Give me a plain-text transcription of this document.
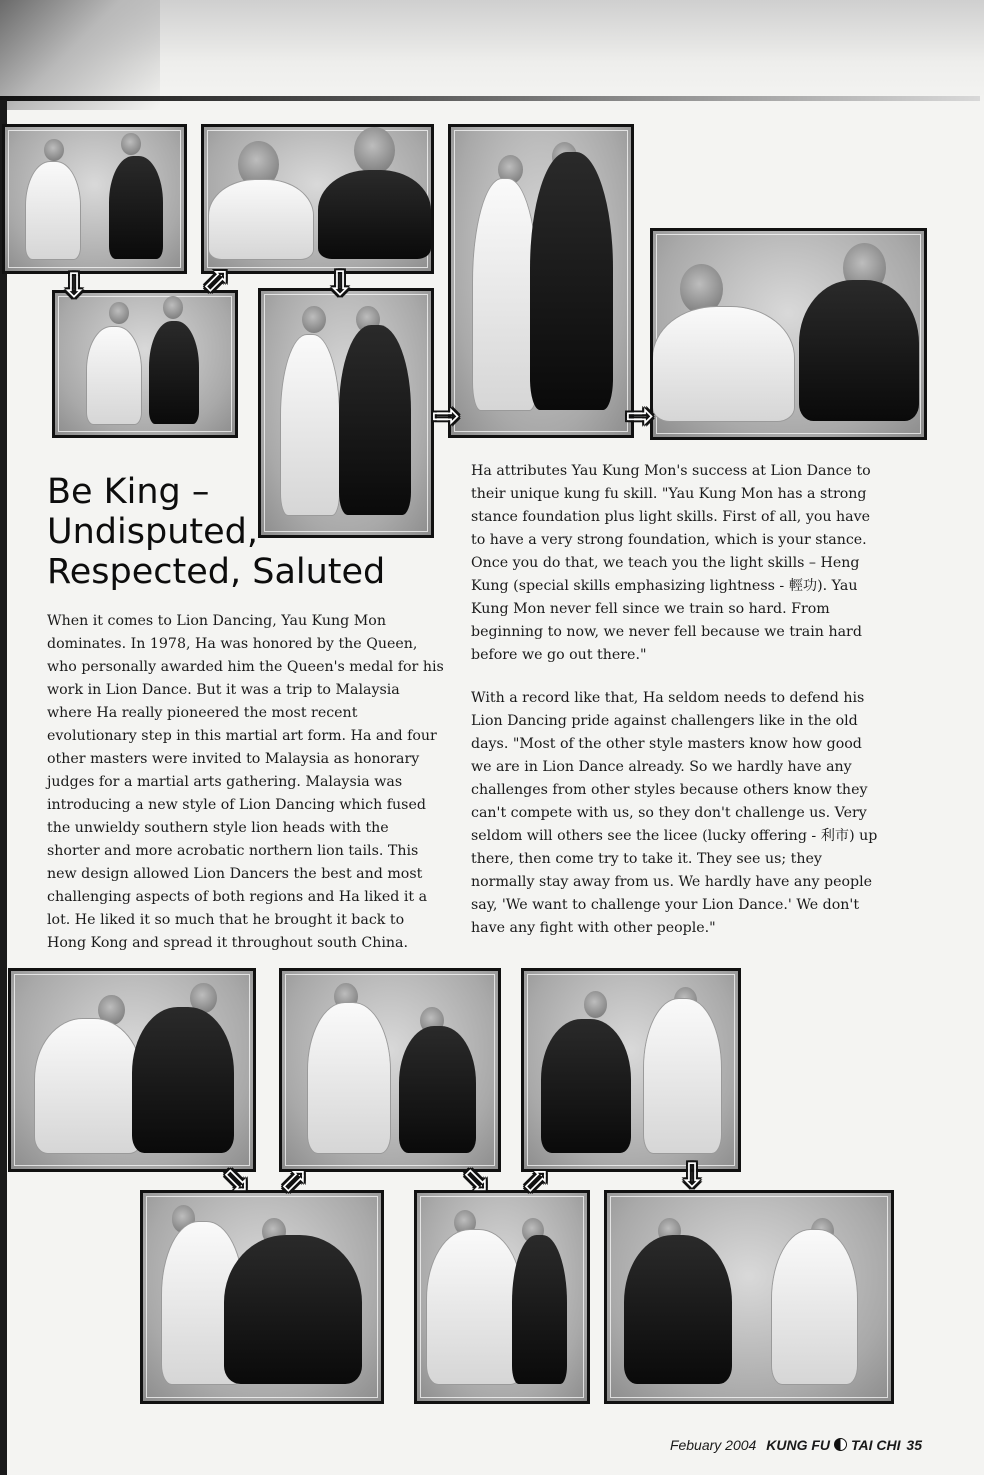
⇩	⬀	⇩
⇨	⇨
Be King –
Undisputed,
Respected, Saluted

When it comes to Lion Dancing, Yau Kung Mon dominates. In 1978, Ha was honored by the Queen, who personally awarded him the Queen's medal for his work in Lion Dance. But it was a trip to Malaysia where Ha really pioneered the most recent evolutionary step in this martial art form. Ha and four other masters were invited to Malaysia as honorary judges for a martial arts gathering. Malaysia was introducing a new style of Lion Dancing which fused the unwieldy southern style lion heads with the shorter and more acrobatic northern lion tails. This new design allowed Lion Dancers the best and most challenging aspects of both regions and Ha liked it a lot. He liked it so much that he brought it back to Hong Kong and spread it throughout south China.

Ha attributes Yau Kung Mon's success at Lion Dance to their unique kung fu skill. "Yau Kung Mon has a strong stance foundation plus light skills. First of all, you have to have a very strong foundation, which is your stance. Once you do that, we teach you the light skills – Heng Kung (special skills emphasizing lightness - 輕功). Yau Kung Mon never fell since we train so hard. From beginning to now, we never fell because we train hard before we go out there."

With a record like that, Ha seldom needs to defend his Lion Dancing pride against challengers like in the old days. "Most of the other style masters know how good we are in Lion Dance already. So we hardly have any challenges from other styles because others know they can't compete with us, so they don't challenge us. Very seldom will others see the licee (lucky offering - 利市) up there, then come try to take it. They see us; they normally stay away from us. We hardly have any people say, 'We want to challenge your Lion Dance.' We don't have any fight with other people."

⬂ ⬀	⬂ ⬀	⇩
Febuary 2004 KUNG FU TAI CHI 35
